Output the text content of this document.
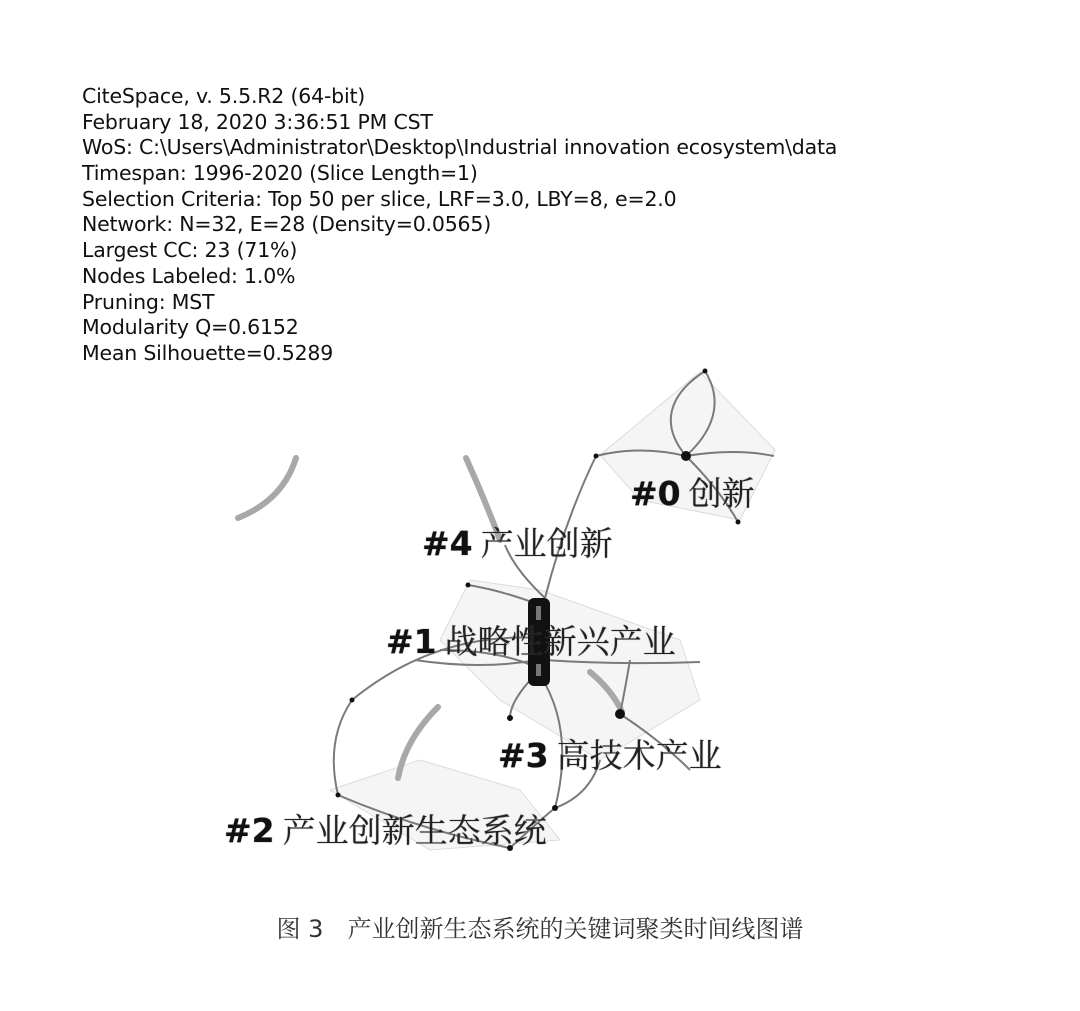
CiteSpace, v. 5.5.R2 (64-bit)
February 18, 2020 3:36:51 PM CST
WoS: C:\Users\Administrator\Desktop\Industrial innovation ecosystem\data
Timespan: 1996-2020 (Slice Length=1)
Selection Criteria: Top 50 per slice, LRF=3.0, LBY=8, e=2.0
Network: N=32, E=28 (Density=0.0565)
Largest CC: 23 (71%)
Nodes Labeled: 1.0%
Pruning: MST
Modularity Q=0.6152
Mean Silhouette=0.5289
#0 创新
#4 产业创新
#1 战略性新兴产业
#3 高技术产业
#2 产业创新生态系统
图 3 产业创新生态系统的关键词聚类时间线图谱
